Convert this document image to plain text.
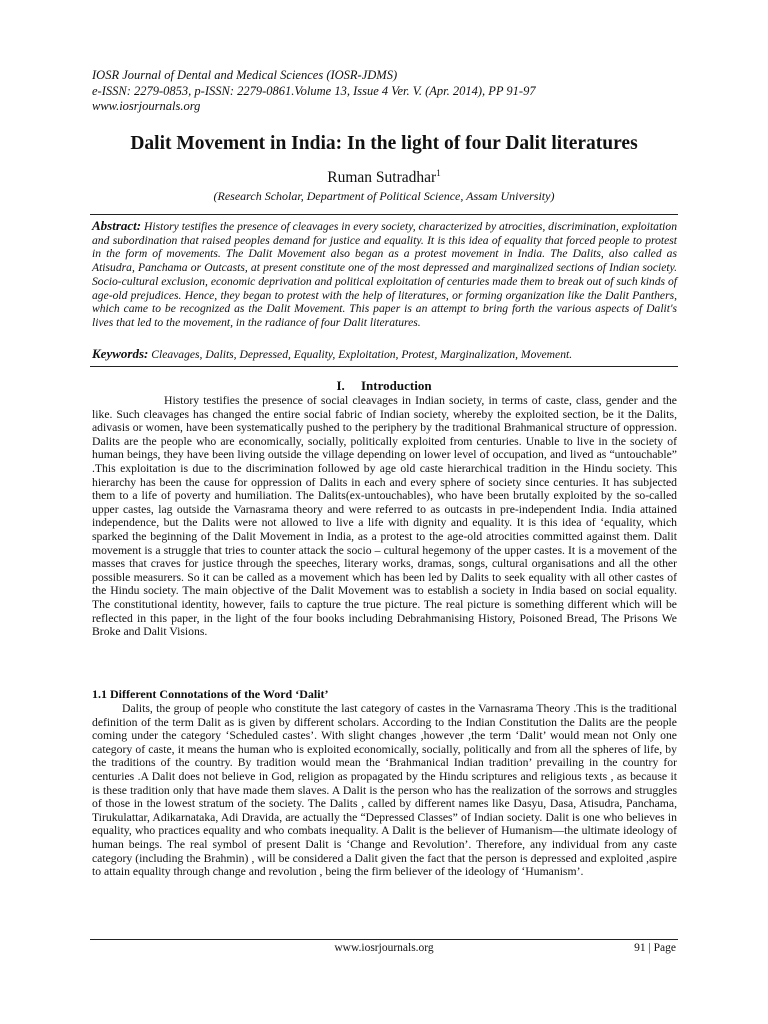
IOSR Journal of Dental and Medical Sciences (IOSR-JDMS)
e-ISSN: 2279-0853, p-ISSN: 2279-0861.Volume 13, Issue 4 Ver. V. (Apr. 2014), PP 91-97
www.iosrjournals.org
Dalit Movement in India: In the light of four Dalit literatures
Ruman Sutradhar$^1$
(Research Scholar, Department of Political Science, Assam University)

Abstract: History testifies the presence of cleavages in every society, characterized by atrocities, discrimination, exploitation and subordination that raised peoples demand for justice and equality. It is this idea of equality that forced people to protest in the form of movements. The Dalit Movement also began as a protest movement in India. The Dalits, also called as Atisudra, Panchama or Outcasts, at present constitute one of the most depressed and marginalized sections of Indian society. Socio-cultural exclusion, economic deprivation and political exploitation of centuries made them to break out of such kinds of age-old prejudices. Hence, they began to protest with the help of literatures, or forming organization like the Dalit Panthers, which came to be recognized as the Dalit Movement. This paper is an attempt to bring forth the various aspects of Dalit's lives that led to the movement, in the radiance of four Dalit literatures.

Keywords: Cleavages, Dalits, Depressed, Equality, Exploitation, Protest, Marginalization, Movement.

I.     Introduction

History testifies the presence of social cleavages in Indian society, in terms of caste, class, gender and the like. Such cleavages has changed the entire social fabric of Indian society, whereby the exploited section, be it the Dalits, adivasis or women, have been systematically pushed to the periphery by the traditional Brahmanical structure of oppression. Dalits are the people who are economically, socially, politically exploited from centuries. Unable to live in the society of human beings, they have been living outside the village depending on lower level of occupation, and lived as “untouchable” .This exploitation is due to the discrimination followed by age old caste hierarchical tradition in the Hindu society. This hierarchy has been the cause for oppression of Dalits in each and every sphere of society since centuries. It has subjected them to a life of poverty and humiliation. The Dalits(ex-untouchables), who have been brutally exploited by the so-called upper castes, lag outside the Varnasrama theory and were referred to as outcasts in pre-independent India. India attained independence, but the Dalits were not allowed to live a life with dignity and equality. It is this idea of ‘equality, which sparked the beginning of the Dalit Movement in India, as a protest to the age-old atrocities committed against them. Dalit movement is a struggle that tries to counter attack the socio – cultural hegemony of the upper castes. It is a movement of the masses that craves for justice through the speeches, literary works, dramas, songs, cultural organisations and all the other possible measurers. So it can be called as a movement which has been led by Dalits to seek equality with all other castes of the Hindu society. The main objective of the Dalit Movement was to establish a society in India based on social equality. The constitutional identity, however, fails to capture the true picture. The real picture is something different which will be reflected in this paper, in the light of the four books including Debrahmanising History, Poisoned Bread, The Prisons We Broke and Dalit Visions.

1.1 Different Connotations of the Word ‘Dalit’

Dalits, the group of people who constitute the last category of castes in the Varnasrama Theory .This is the traditional definition of the term Dalit as is given by different scholars. According to the Indian Constitution the Dalits are the people coming under the category ‘Scheduled castes’. With slight changes ,however ,the term ‘Dalit’ would mean not Only one category of caste, it means the human who is exploited economically, socially, politically and from all the spheres of life, by the traditions of the country. By tradition would mean the ‘Brahmanical Indian tradition’ prevailing in the country for centuries .A Dalit does not believe in God, religion as propagated by the Hindu scriptures and religious texts , as because it is these tradition only that have made them slaves. A Dalit is the person who has the realization of the sorrows and struggles of those in the lowest stratum of the society. The Dalits , called by different names like Dasyu, Dasa, Atisudra, Panchama, Tirukulattar, Adikarnataka, Adi Dravida, are actually the “Depressed Classes” of Indian society. Dalit is one who believes in equality, who practices equality and who combats inequality. A Dalit is the believer of Humanism—the ultimate ideology of human beings. The real symbol of present Dalit is ‘Change and Revolution’. Therefore, any individual from any caste category (including the Brahmin) , will be considered a Dalit given the fact that the person is depressed and exploited ,aspire to attain equality through change and revolution , being the firm believer of the ideology of ‘Humanism’.

www.iosrjournals.org	91 | Page
